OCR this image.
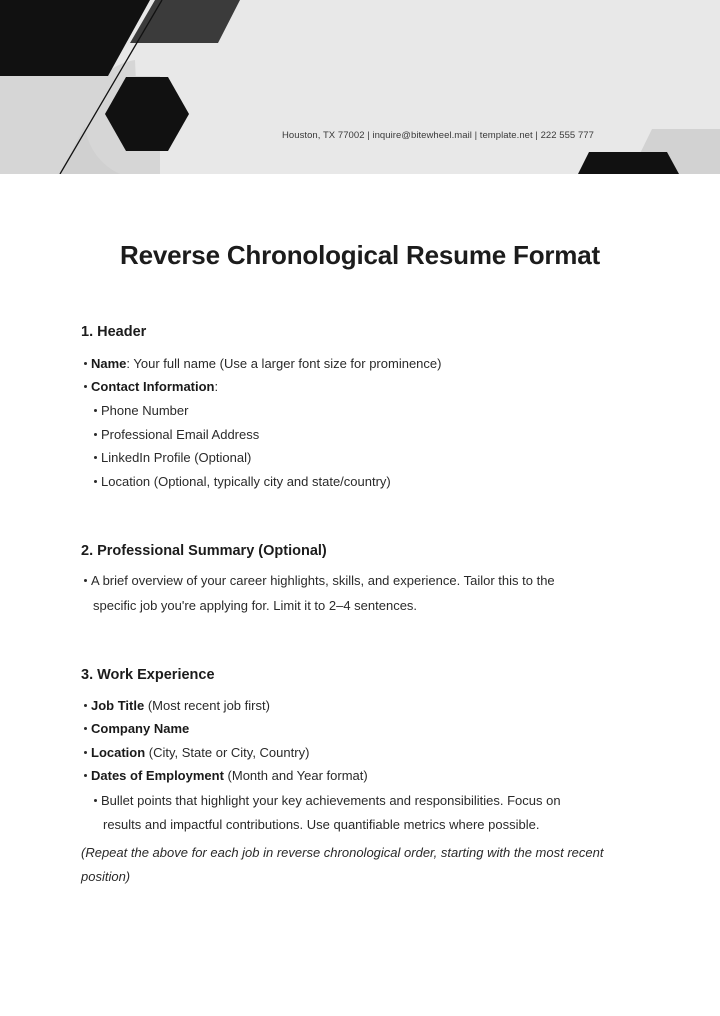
Houston, TX 77002 | inquire@bitewheel.mail | template.net | 222 555 777
Reverse Chronological Resume Format
1. Header
Name: Your full name (Use a larger font size for prominence)
Contact Information:
Phone Number
Professional Email Address
LinkedIn Profile (Optional)
Location (Optional, typically city and state/country)
2. Professional Summary (Optional)
A brief overview of your career highlights, skills, and experience. Tailor this to the
specific job you're applying for. Limit it to 2–4 sentences.
3. Work Experience
Job Title (Most recent job first)
Company Name
Location (City, State or City, Country)
Dates of Employment (Month and Year format)
Bullet points that highlight your key achievements and responsibilities. Focus on
results and impactful contributions. Use quantifiable metrics where possible.
(Repeat the above for each job in reverse chronological order, starting with the most recent position)
